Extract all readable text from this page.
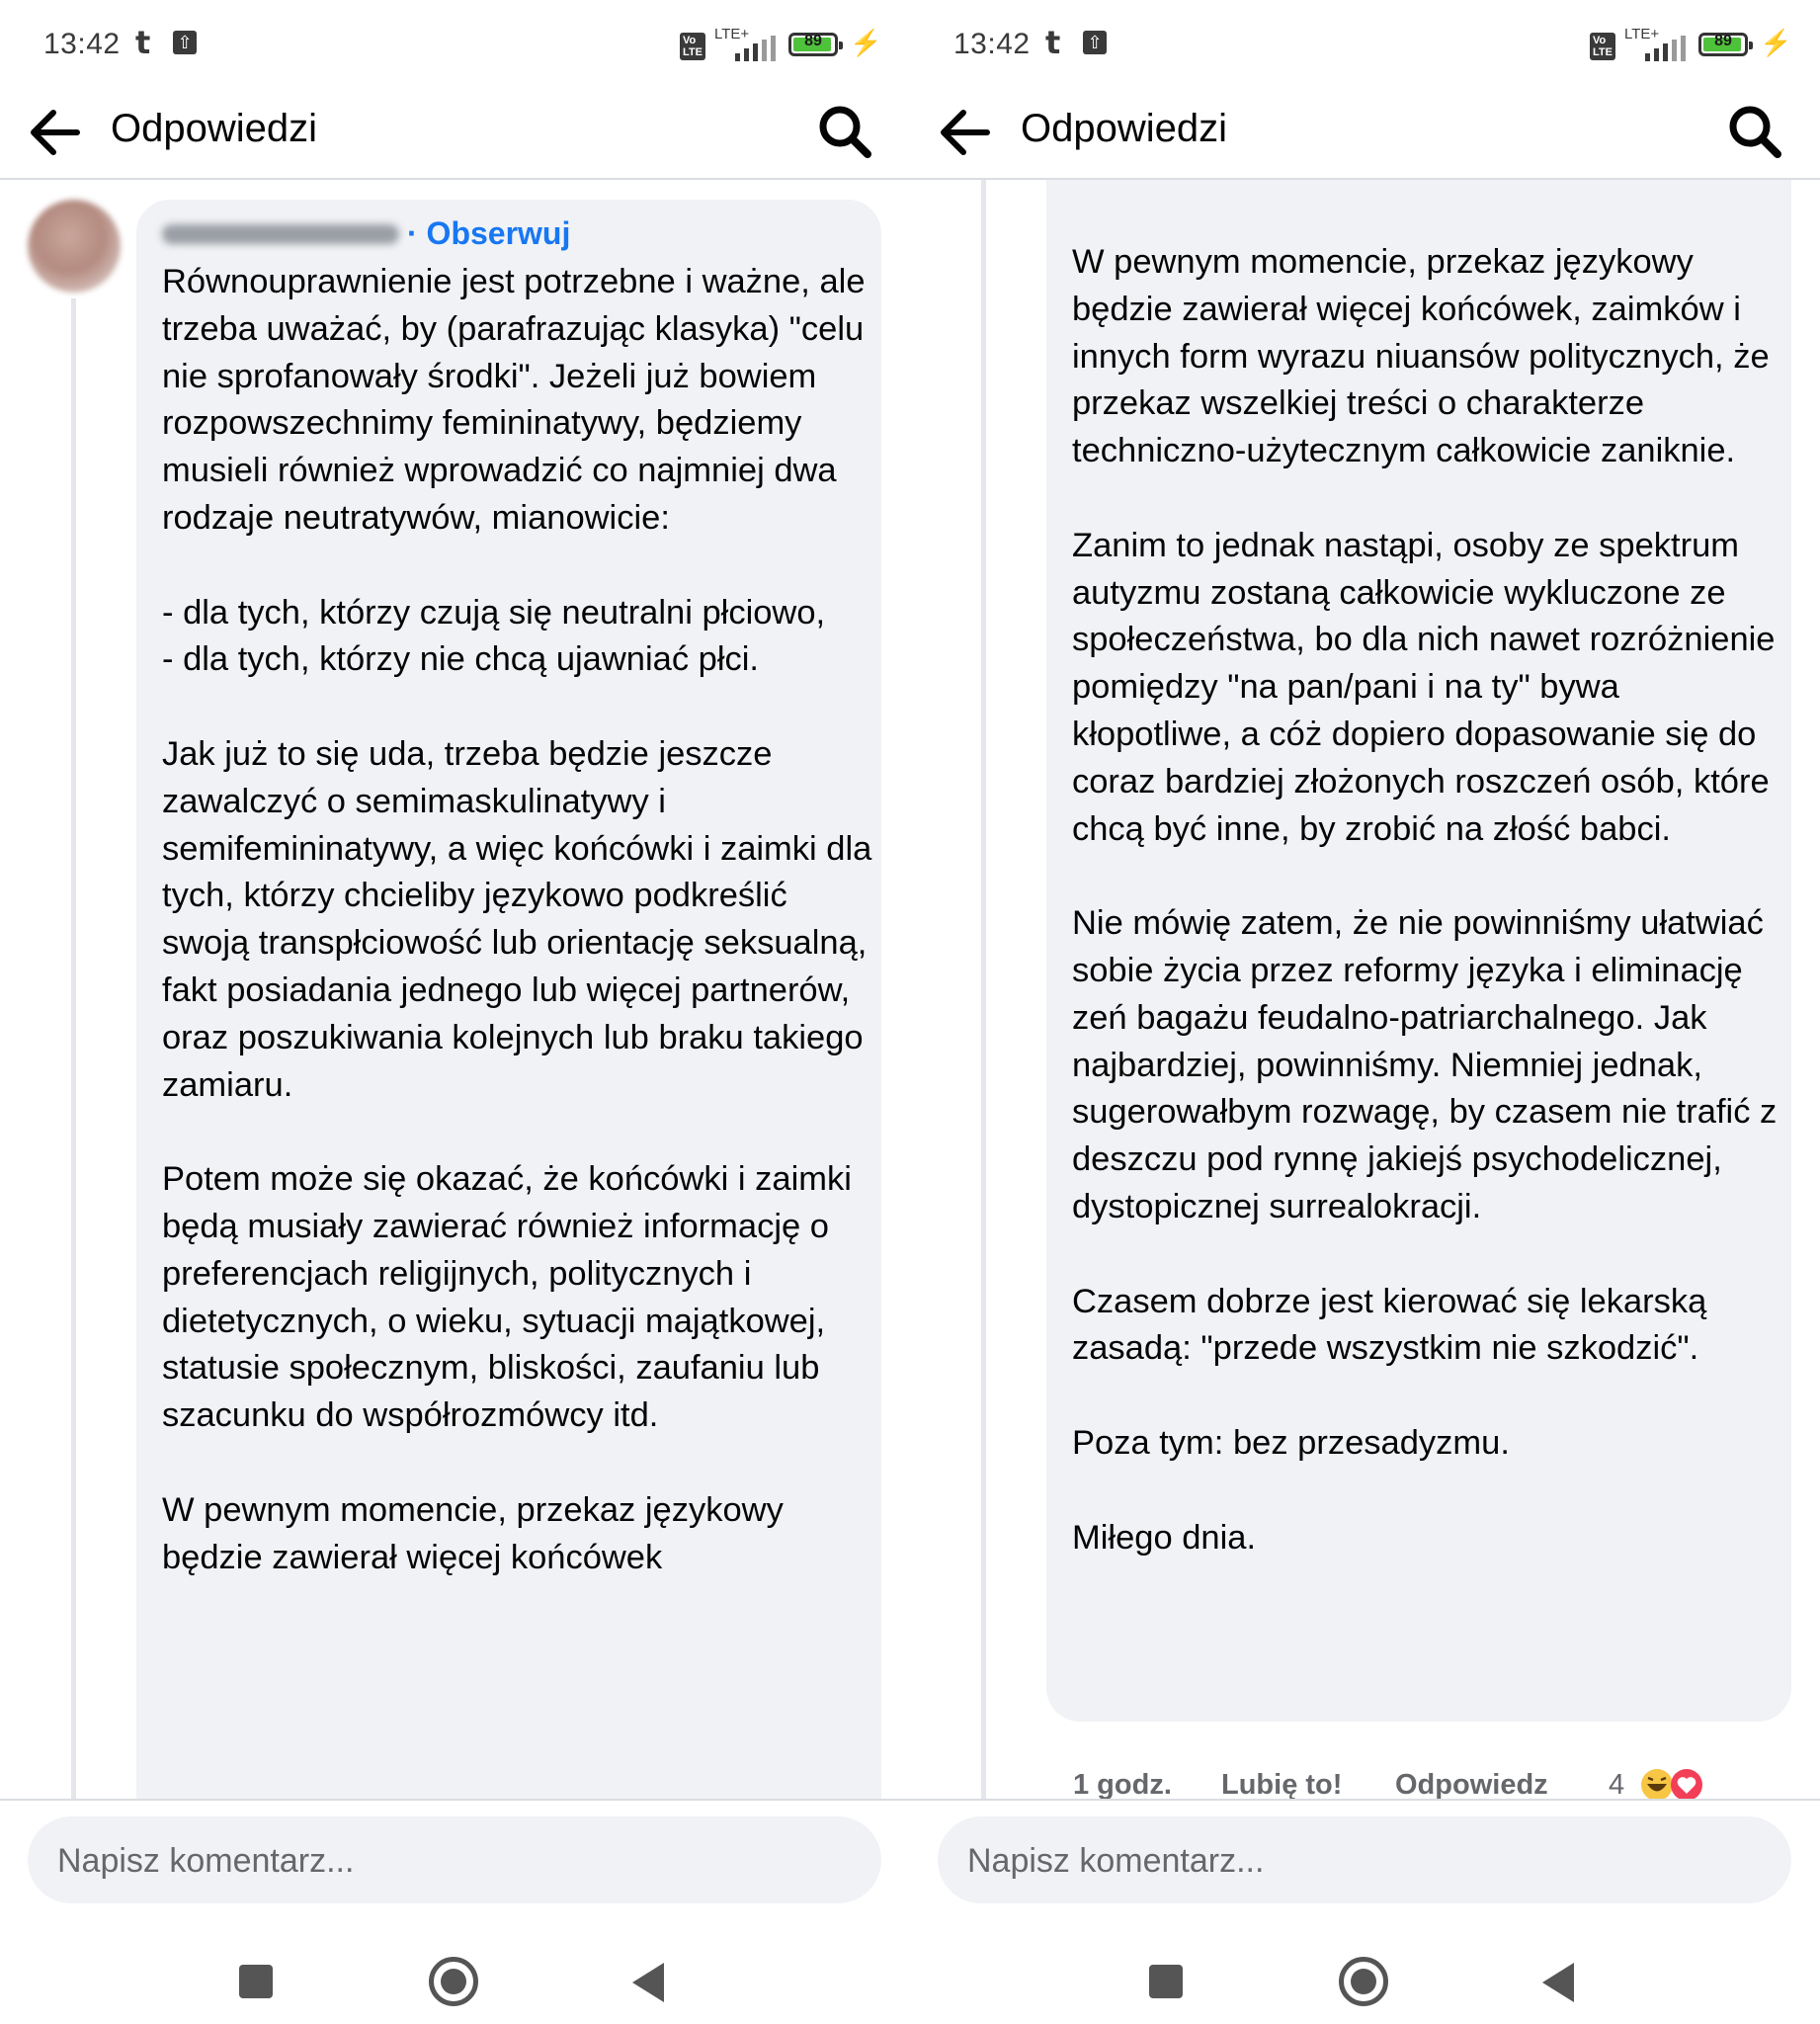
13:42 t ⇧	Vo
LTE
LTE+	89	⚡
Odpowiedzi
· Obserwuj
Równouprawnienie jest potrzebne i ważne, ale trzeba uważać, by (parafrazując klasyka) "celu nie sprofanowały środki". Jeżeli już bowiem rozpowszechnimy femininatywy, będziemy musieli również wprowadzić co najmniej dwa rodzaje neutratywów, mianowicie:

- dla tych, którzy czują się neutralni płciowo,
- dla tych, którzy nie chcą ujawniać płci.

Jak już to się uda, trzeba będzie jeszcze zawalczyć o semimaskulinatywy i semifemininatywy, a więc końcówki i zaimki dla tych, którzy chcieliby językowo podkreślić swoją transpłciowość lub orientację seksualną, fakt posiadania jednego lub więcej partnerów, oraz poszukiwania kolejnych lub braku takiego zamiaru.

Potem może się okazać, że końcówki i zaimki będą musiały zawierać również informację o preferencjach religijnych, politycznych i dietetycznych, o wieku, sytuacji majątkowej, statusie społecznym, bliskości, zaufaniu lub szacunku do współrozmówcy itd.

W pewnym momencie, przekaz językowy będzie zawierał więcej końcówek
Napisz komentarz...
13:42 t ⇧	Vo
LTE
LTE+	89	⚡
Odpowiedzi
W pewnym momencie, przekaz językowy będzie zawierał więcej końcówek, zaimków i innych form wyrazu niuansów politycznych, że przekaz wszelkiej treści o charakterze techniczno-użytecznym całkowicie zaniknie.

Zanim to jednak nastąpi, osoby ze spektrum autyzmu zostaną całkowicie wykluczone ze społeczeństwa, bo dla nich nawet rozróżnienie pomiędzy "na pan/pani i na ty" bywa kłopotliwe, a cóż dopiero dopasowanie się do coraz bardziej złożonych roszczeń osób, które chcą być inne, by zrobić na złość babci.

Nie mówię zatem, że nie powinniśmy ułatwiać sobie życia przez reformy języka i eliminację zeń bagażu feudalno-patriarchalnego. Jak najbardziej, powinniśmy. Niemniej jednak, sugerowałbym rozwagę, by czasem nie trafić z deszczu pod rynnę jakiejś psychodelicznej, dystopicznej surrealokracji.

Czasem dobrze jest kierować się lekarską zasadą: "przede wszystkim nie szkodzić".

Poza tym: bez przesadyzmu.

Miłego dnia.
1 godz. Lubię to! Odpowiedz 4
Napisz komentarz...
